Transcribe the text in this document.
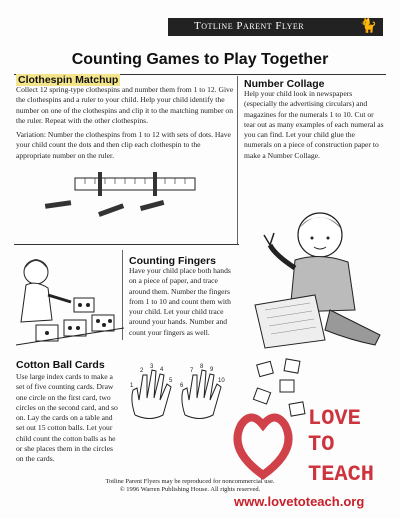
Totline Parent Flyer	🐈
Counting Games to Play Together
Clothespin Matchup

Collect 12 spring-type clothespins and number them from 1 to 12. Give the clothespins and a ruler to your child. Help your child identify the number on one of the clothespins and clip it to the matching number on the ruler. Repeat with the other clothespins.

Variation: Number the clothespins from 1 to 12 with sets of dots. Have your child count the dots and then clip each clothespin to the appropriate number on the ruler.

Number Collage

Help your child look in newspapers (especially the advertising circulars) and magazines for the numerals 1 to 10. Cut or tear out as many examples of each numeral as you can find. Let your child glue the numerals on a piece of construction paper to make a Number Collage.

Counting Fingers

Have your child place both hands on a piece of paper, and trace around them. Number the fingers from 1 to 10 and count them with your child. Let your child trace around your hands. Number and count your fingers as well.

Cotton Ball Cards

Use large index cards to make a set of five counting cards. Draw one circle on the first card, two circles on the second card, and so on. Lay the cards on a table and set out 15 cotton balls. Let your child count the cotton balls as he or she places them in the circles on the cards.

1
2
3 4
5
6
7
8 9
10
LOVE
TO
TEACH
www.lovetoteach.org
Totline Parent Flyers may be reproduced for noncommercial use.
© 1996 Warren Publishing House. All rights reserved.
